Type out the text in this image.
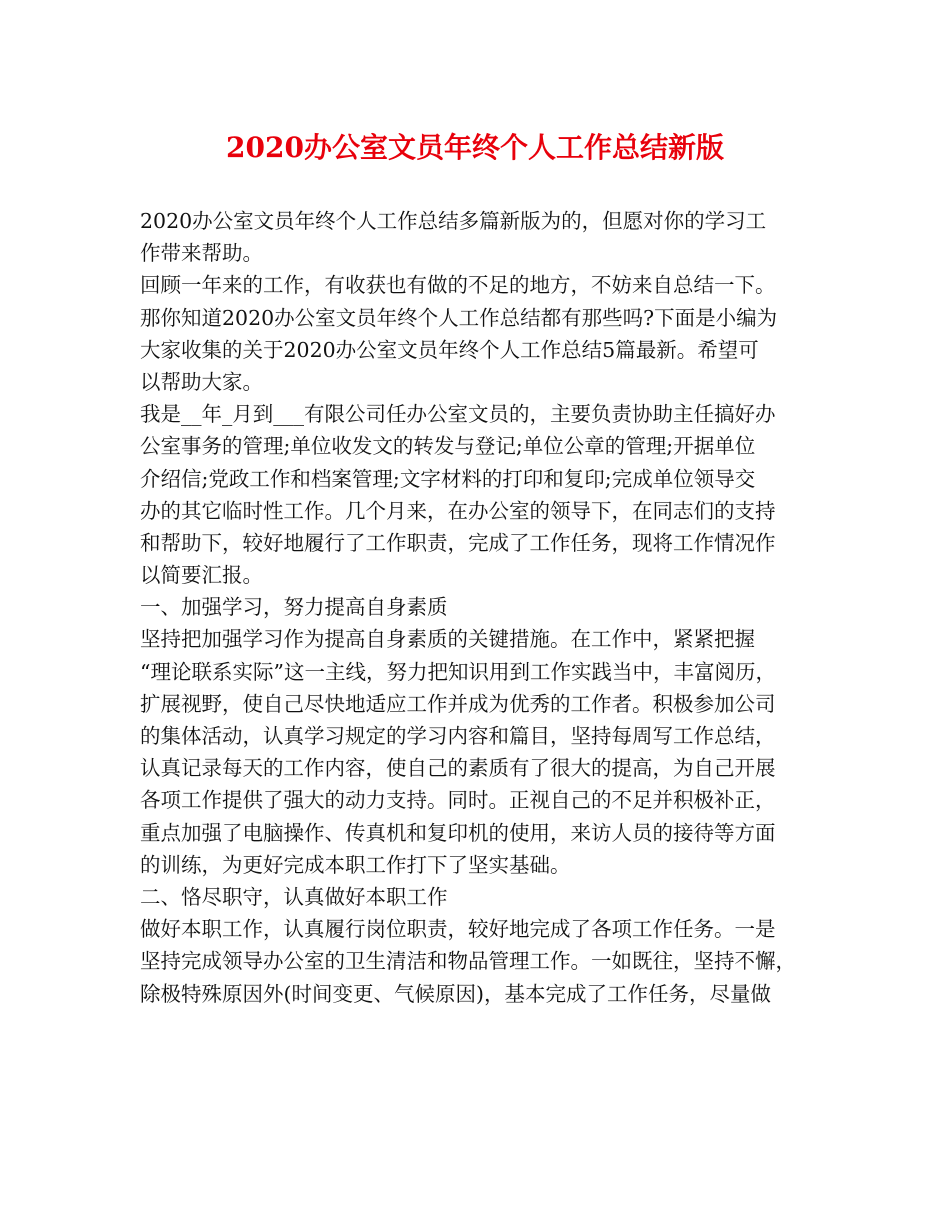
2020办公室文员年终个人工作总结新版
2020办公室文员年终个人工作总结多篇新版为的，但愿对你的学习工
作带来帮助。
回顾一年来的工作，有收获也有做的不足的地方，不妨来自总结一下。
那你知道2020办公室文员年终个人工作总结都有那些吗?下面是小编为
大家收集的关于2020办公室文员年终个人工作总结5篇最新。希望可
以帮助大家。
我是__年_月到___有限公司任办公室文员的，主要负责协助主任搞好办
公室事务的管理;单位收发文的转发与登记;单位公章的管理;开据单位
介绍信;党政工作和档案管理;文字材料的打印和复印;完成单位领导交
办的其它临时性工作。几个月来，在办公室的领导下，在同志们的支持
和帮助下，较好地履行了工作职责，完成了工作任务，现将工作情况作
以简要汇报。
一、加强学习，努力提高自身素质
坚持把加强学习作为提高自身素质的关键措施。在工作中，紧紧把握
“理论联系实际”这一主线，努力把知识用到工作实践当中，丰富阅历，
扩展视野，使自己尽快地适应工作并成为优秀的工作者。积极参加公司
的集体活动，认真学习规定的学习内容和篇目，坚持每周写工作总结，
认真记录每天的工作内容，使自己的素质有了很大的提高，为自己开展
各项工作提供了强大的动力支持。同时。正视自己的不足并积极补正，
重点加强了电脑操作、传真机和复印机的使用，来访人员的接待等方面
的训练，为更好完成本职工作打下了坚实基础。
二、恪尽职守，认真做好本职工作
做好本职工作，认真履行岗位职责，较好地完成了各项工作任务。一是
坚持完成领导办公室的卫生清洁和物品管理工作。一如既往，坚持不懈，
除极特殊原因外(时间变更、气候原因)，基本完成了工作任务，尽量做
